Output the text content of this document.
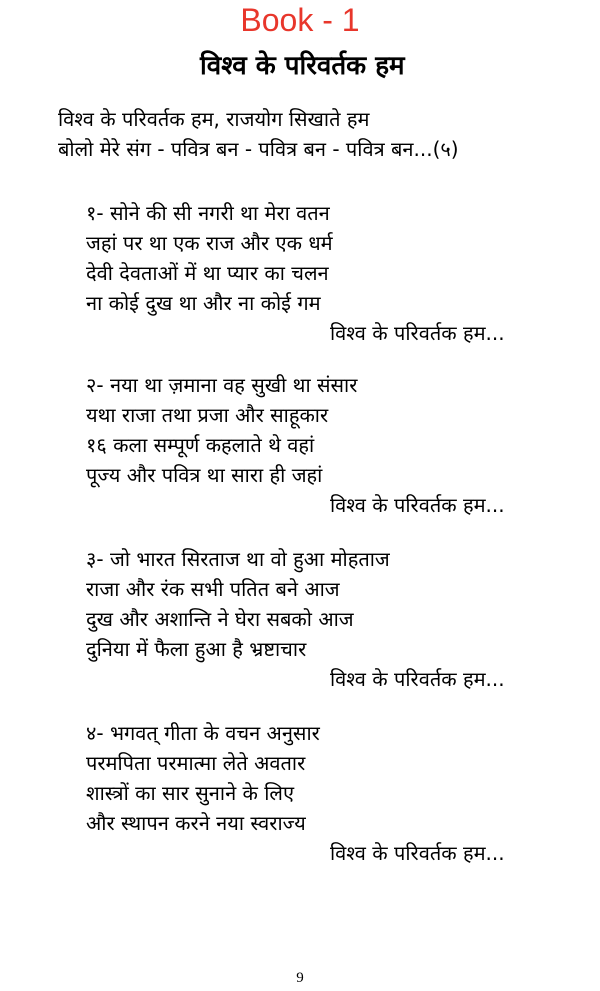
Book - 1
विश्व के परिवर्तक हम
विश्व के परिवर्तक हम, राजयोग सिखाते हम
बोलो मेरे संग - पवित्र बन - पवित्र बन - पवित्र बन...(५)
१- सोने की सी नगरी था मेरा वतन
जहां पर था एक राज और एक धर्म
देवी देवताओं में था प्यार का चलन
ना कोई दुख था और ना कोई गम
विश्व के परिवर्तक हम...
२- नया था ज़माना वह सुखी था संसार
यथा राजा तथा प्रजा और साहूकार
१६ कला सम्पूर्ण कहलाते थे वहां
पूज्य और पवित्र था सारा ही जहां
विश्व के परिवर्तक हम...
३- जो भारत सिरताज था वो हुआ मोहताज
राजा और रंक सभी पतित बने आज
दुख और अशान्ति ने घेरा सबको आज
दुनिया में फैला हुआ है भ्रष्टाचार
विश्व के परिवर्तक हम...
४- भगवत् गीता के वचन अनुसार
परमपिता परमात्मा लेते अवतार
शास्त्रों का सार सुनाने के लिए
और स्थापन करने नया स्वराज्य
विश्व के परिवर्तक हम...
9
